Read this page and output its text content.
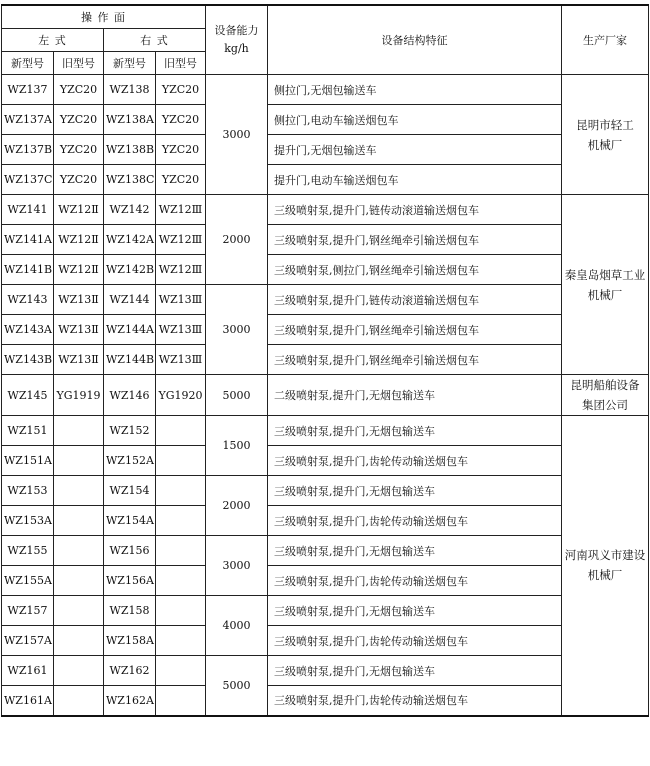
操 作 面				设备能力
kg/h	设备结构特征	生产厂家
左 式		右 式				
新型号	旧型号	新型号	旧型号			
WZ137	YZC20	WZ138	YZC20	3000	侧拉门,无烟包输送车	昆明市轻工
机械厂
WZ137A	YZC20	WZ138A	YZC20		侧拉门,电动车输送烟包车	
WZ137B	YZC20	WZ138B	YZC20		提升门,无烟包输送车	
WZ137C	YZC20	WZ138C	YZC20		提升门,电动车输送烟包车	
WZ141	WZ12Ⅱ	WZ142	WZ12Ⅲ	2000	三级喷射泵,提升门,链传动滚道输送烟包车	秦皇岛烟草工业
机械厂
WZ141A	WZ12Ⅱ	WZ142A	WZ12Ⅲ		三级喷射泵,提升门,钢丝绳牵引输送烟包车	
WZ141B	WZ12Ⅱ	WZ142B	WZ12Ⅲ		三级喷射泵,侧拉门,钢丝绳牵引输送烟包车	
WZ143	WZ13Ⅱ	WZ144	WZ13Ⅲ	3000	三级喷射泵,提升门,链传动滚道输送烟包车	
WZ143A	WZ13Ⅱ	WZ144A	WZ13Ⅲ		三级喷射泵,提升门,钢丝绳牵引输送烟包车	
WZ143B	WZ13Ⅱ	WZ144B	WZ13Ⅲ		三级喷射泵,提升门,钢丝绳牵引输送烟包车	
WZ145	YG1919	WZ146	YG1920	5000	二级喷射泵,提升门,无烟包输送车	昆明船舶设备
集团公司
WZ151		WZ152		1500	三级喷射泵,提升门,无烟包输送车	河南巩义市建设
机械厂
WZ151A		WZ152A			三级喷射泵,提升门,齿轮传动输送烟包车	
WZ153		WZ154		2000	三级喷射泵,提升门,无烟包输送车	
WZ153A		WZ154A			三级喷射泵,提升门,齿轮传动输送烟包车	
WZ155		WZ156		3000	三级喷射泵,提升门,无烟包输送车	
WZ155A		WZ156A			三级喷射泵,提升门,齿轮传动输送烟包车	
WZ157		WZ158		4000	三级喷射泵,提升门,无烟包输送车	
WZ157A		WZ158A			三级喷射泵,提升门,齿轮传动输送烟包车	
WZ161		WZ162		5000	三级喷射泵,提升门,无烟包输送车	
WZ161A		WZ162A			三级喷射泵,提升门,齿轮传动输送烟包车	
